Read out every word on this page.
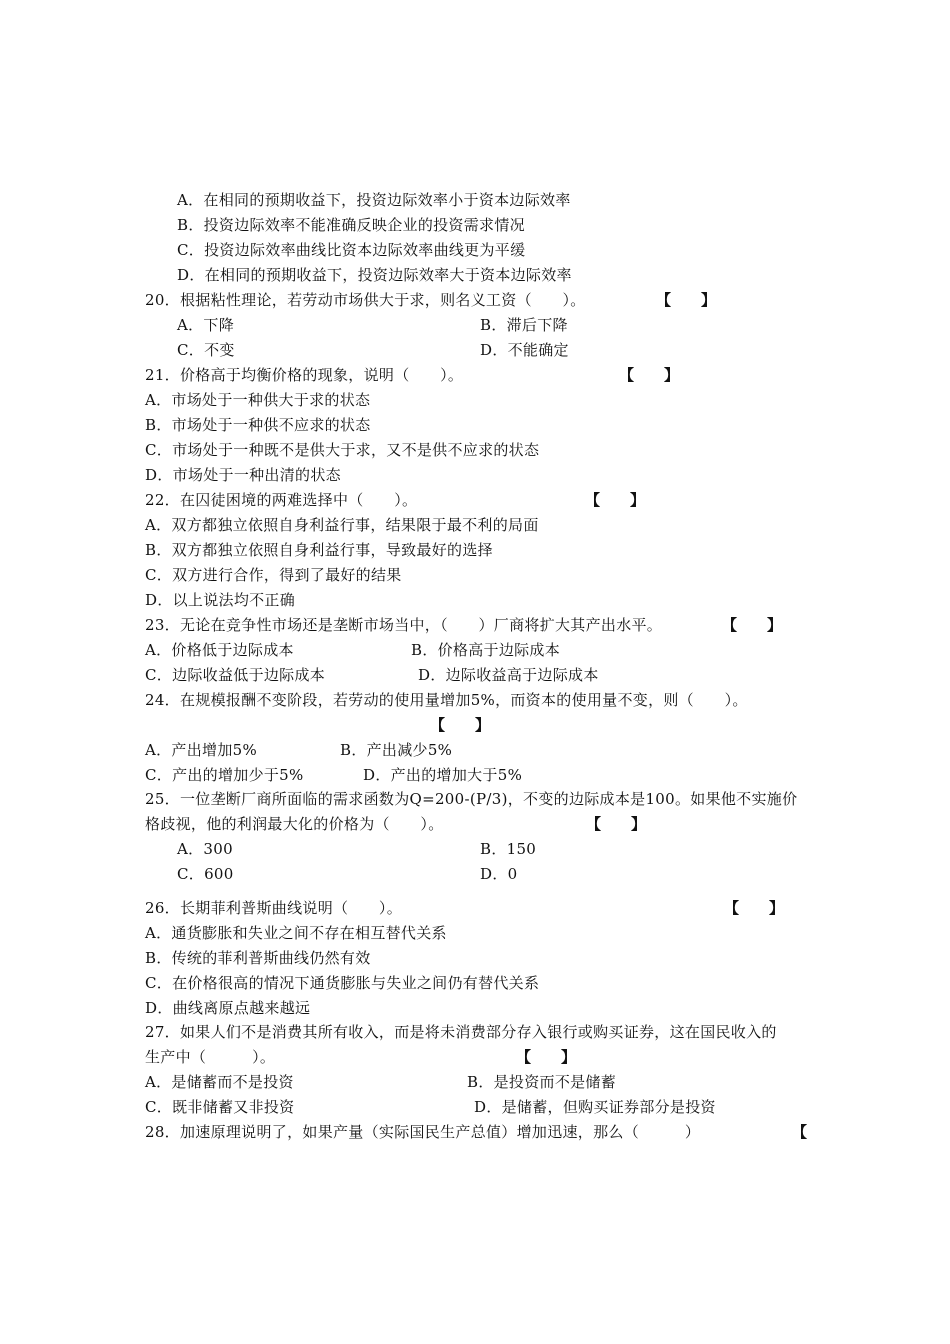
A．在相同的预期收益下，投资边际效率小于资本边际效率
B．投资边际效率不能准确反映企业的投资需求情况
C．投资边际效率曲线比资本边际效率曲线更为平缓
D．在相同的预期收益下，投资边际效率大于资本边际效率
20．根据粘性理论，若劳动市场供大于求，则名义工资（　　）。	【　　】
A．下降	B．滞后下降
C．不变	D．不能确定
21．价格高于均衡价格的现象，说明（　　）。	【　　】
A．市场处于一种供大于求的状态
B．市场处于一种供不应求的状态
C．市场处于一种既不是供大于求，又不是供不应求的状态
D．市场处于一种出清的状态
22．在囚徒困境的两难选择中（　　）。	【　　】
A．双方都独立依照自身利益行事，结果限于最不利的局面
B．双方都独立依照自身利益行事，导致最好的选择
C．双方进行合作，得到了最好的结果
D．以上说法均不正确
23．无论在竞争性市场还是垄断市场当中，（　　）厂商将扩大其产出水平。	【　　】
A．价格低于边际成本	B．价格高于边际成本
C．边际收益低于边际成本	D．边际收益高于边际成本
24．在规模报酬不变阶段，若劳动的使用量增加5%，而资本的使用量不变，则（　　）。
【　　】
A．产出增加5%	B．产出减少5%
C．产出的增加少于5%	D．产出的增加大于5%
25．一位垄断厂商所面临的需求函数为Q=200-(P/3)，不变的边际成本是100。如果他不实施价
格歧视，他的利润最大化的价格为（　　）。	【　　】
A．300	B．150
C．600	D．0
26．长期菲利普斯曲线说明（　　）。	【　　】
A．通货膨胀和失业之间不存在相互替代关系
B．传统的菲利普斯曲线仍然有效
C．在价格很高的情况下通货膨胀与失业之间仍有替代关系
D．曲线离原点越来越远
27．如果人们不是消费其所有收入，而是将未消费部分存入银行或购买证券，这在国民收入的
生产中（　　　）。	【　　】
A．是储蓄而不是投资	B．是投资而不是储蓄
C．既非储蓄又非投资	D．是储蓄，但购买证券部分是投资
28．加速原理说明了，如果产量（实际国民生产总值）增加迅速，那么（　　　）	【
